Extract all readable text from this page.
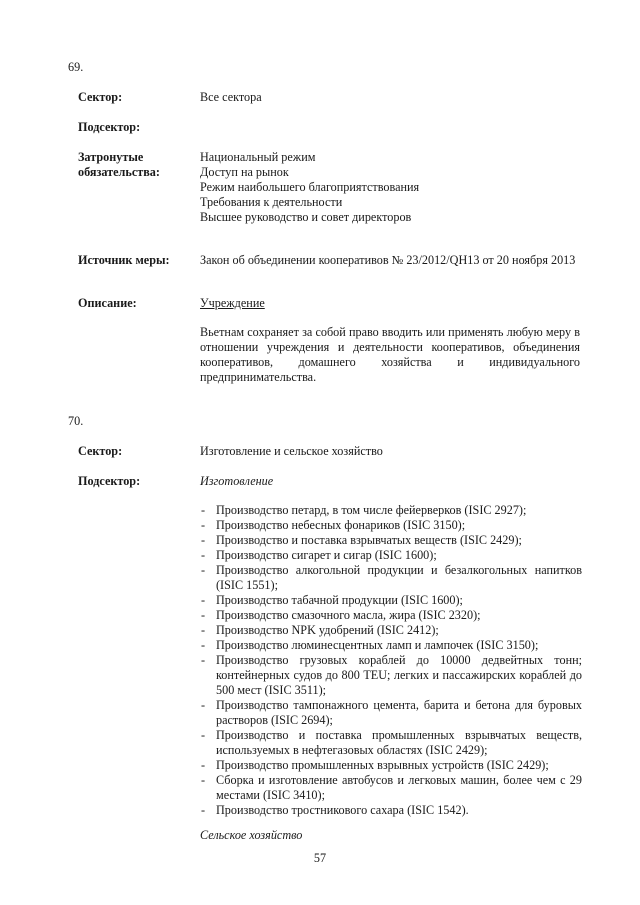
69.
Сектор:	Все сектора
Подсектор:
Затронутые
обязательства:
Национальный режим
Доступ на рынок
Режим наибольшего благоприятствования
Требования к деятельности
Высшее руководство и совет директоров
Источник меры: Закон об объединении кооперативов № 23/2012/QH13 от 20 ноября 2013
Описание:	Учреждение
Вьетнам сохраняет за собой право вводить или применять любую меру в отношении учреждения и деятельности кооперативов, объединения кооперативов, домашнего хозяйства и индивидуального предпринимательства.
70.
Сектор:	Изготовление и сельское хозяйство
Подсектор:	Изготовление
- Производство петард, в том числе фейерверков (ISIC 2927);
- Производство небесных фонариков (ISIC 3150);
- Производство и поставка взрывчатых веществ (ISIC 2429);
- Производство сигарет и сигар (ISIC 1600);
- Производство алкогольной продукции и безалкогольных напитков (ISIC 1551);
- Производство табачной продукции (ISIC 1600);
- Производство смазочного масла, жира (ISIC 2320);
- Производство NPK удобрений (ISIC 2412);
- Производство люминесцентных ламп и лампочек (ISIC 3150);
- Производство грузовых кораблей до 10000 дедвейтных тонн; контейнерных судов до 800 TEU; легких и пассажирских кораблей до 500 мест (ISIC 3511);
- Производство тампонажного цемента, барита и бетона для буровых растворов (ISIC 2694);
- Производство и поставка промышленных взрывчатых веществ, используемых в нефтегазовых областях (ISIC 2429);
- Производство промышленных взрывных устройств (ISIC 2429);
- Сборка и изготовление автобусов и легковых машин, более чем с 29 местами (ISIC 3410);
- Производство тростникового сахара (ISIC 1542).
Сельское хозяйство
57
